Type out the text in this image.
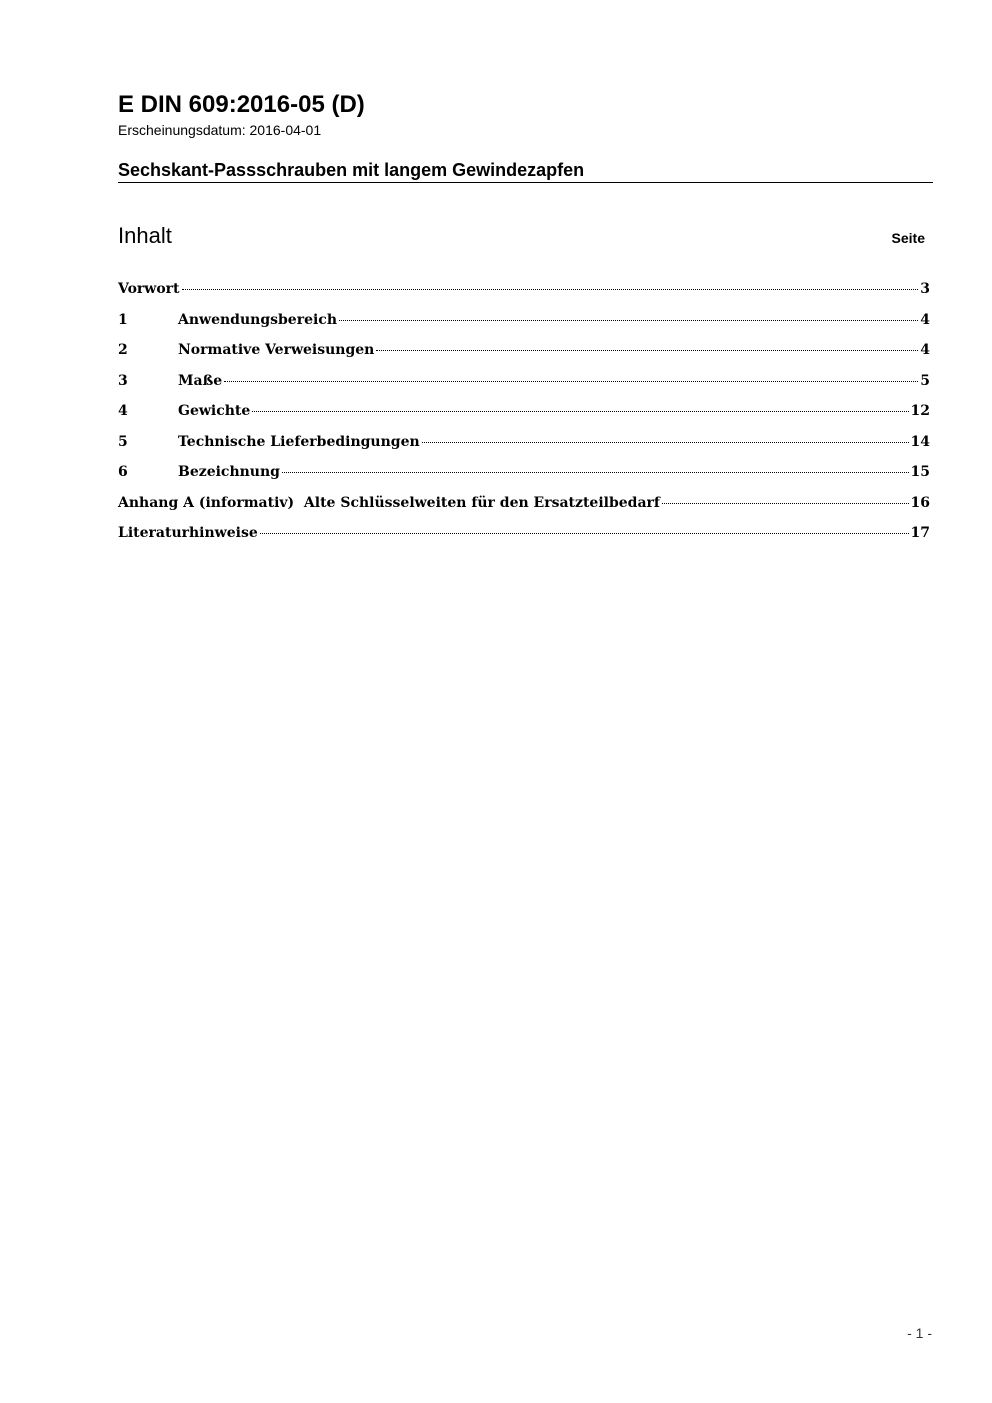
E DIN 609:2016-05 (D)
Erscheinungsdatum: 2016-04-01
Sechskant-Passschrauben mit langem Gewindezapfen
Inhalt	Seite
Vorwort	3
1	Anwendungsbereich	4
2	Normative Verweisungen	4
3	Maße	5
4	Gewichte	12
5	Technische Lieferbedingungen	14
6	Bezeichnung	15
Anhang A (informativ)  Alte Schlüsselweiten für den Ersatzteilbedarf	16
Literaturhinweise	17
- 1 -
